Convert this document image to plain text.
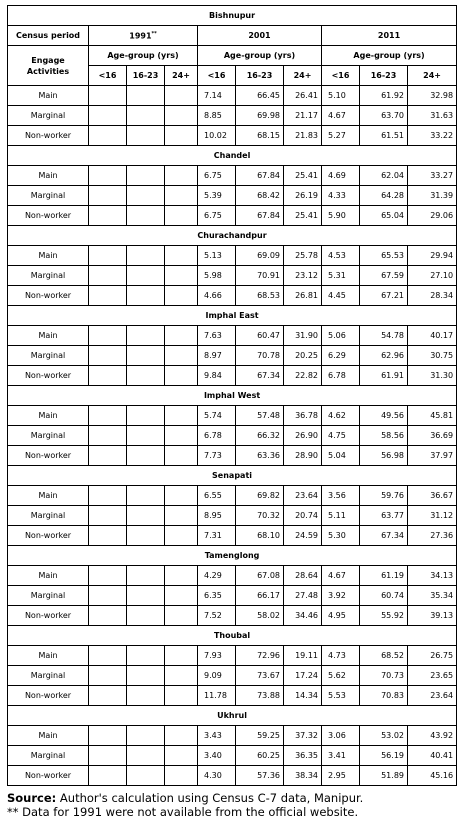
Bishnupur									
Census period	1991**			2001			2011		
Engage Activities	Age-group (yrs)			Age-group (yrs)			Age-group (yrs)		
	<16	16-23	24+	<16	16-23	24+	<16	16-23	24+
Main				7.14	66.45	26.41	5.10	61.92	32.98
Marginal				8.85	69.98	21.17	4.67	63.70	31.63
Non-worker				10.02	68.15	21.83	5.27	61.51	33.22
Chandel									
Main				6.75	67.84	25.41	4.69	62.04	33.27
Marginal				5.39	68.42	26.19	4.33	64.28	31.39
Non-worker				6.75	67.84	25.41	5.90	65.04	29.06
Churachandpur									
Main				5.13	69.09	25.78	4.53	65.53	29.94
Marginal				5.98	70.91	23.12	5.31	67.59	27.10
Non-worker				4.66	68.53	26.81	4.45	67.21	28.34
Imphal East									
Main				7.63	60.47	31.90	5.06	54.78	40.17
Marginal				8.97	70.78	20.25	6.29	62.96	30.75
Non-worker				9.84	67.34	22.82	6.78	61.91	31.30
Imphal West									
Main				5.74	57.48	36.78	4.62	49.56	45.81
Marginal				6.78	66.32	26.90	4.75	58.56	36.69
Non-worker				7.73	63.36	28.90	5.04	56.98	37.97
Senapati									
Main				6.55	69.82	23.64	3.56	59.76	36.67
Marginal				8.95	70.32	20.74	5.11	63.77	31.12
Non-worker				7.31	68.10	24.59	5.30	67.34	27.36
Tamenglong									
Main				4.29	67.08	28.64	4.67	61.19	34.13
Marginal				6.35	66.17	27.48	3.92	60.74	35.34
Non-worker				7.52	58.02	34.46	4.95	55.92	39.13
Thoubal									
Main				7.93	72.96	19.11	4.73	68.52	26.75
Marginal				9.09	73.67	17.24	5.62	70.73	23.65
Non-worker				11.78	73.88	14.34	5.53	70.83	23.64
Ukhrul									
Main				3.43	59.25	37.32	3.06	53.02	43.92
Marginal				3.40	60.25	36.35	3.41	56.19	40.41
Non-worker				4.30	57.36	38.34	2.95	51.89	45.16
Source: Author's calculation using Census C-7 data, Manipur.
** Data for 1991 were not available from the official website.
